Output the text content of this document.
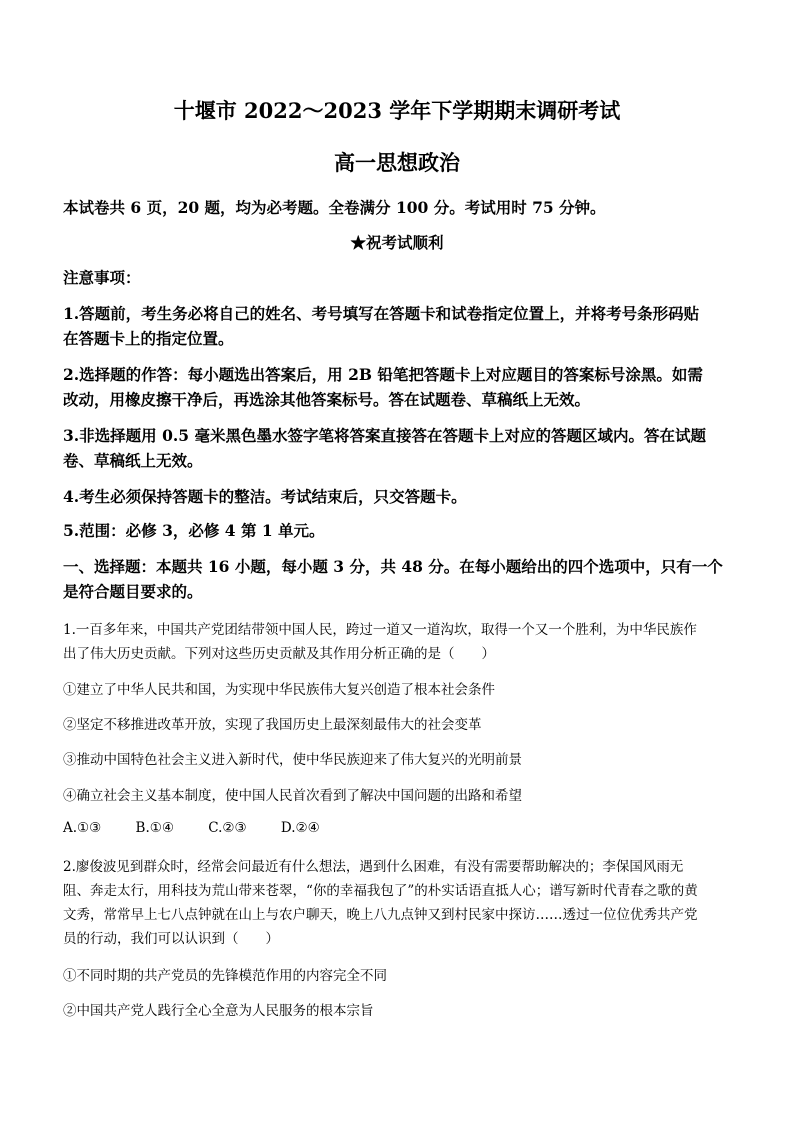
十堰市 2022～2023 学年下学期期末调研考试
高一思想政治
本试卷共 6 页，20 题，均为必考题。全卷满分 100 分。考试用时 75 分钟。
★祝考试顺利
注意事项：
1.答题前，考生务必将自己的姓名、考号填写在答题卡和试卷指定位置上，并将考号条形码贴
在答题卡上的指定位置。
2.选择题的作答：每小题选出答案后，用 2B 铅笔把答题卡上对应题目的答案标号涂黑。如需
改动，用橡皮擦干净后，再选涂其他答案标号。答在试题卷、草稿纸上无效。
3.非选择题用 0.5 毫米黑色墨水签字笔将答案直接答在答题卡上对应的答题区域内。答在试题
卷、草稿纸上无效。
4.考生必须保持答题卡的整洁。考试结束后，只交答题卡。
5.范围：必修 3，必修 4 第 1 单元。
一、选择题：本题共 16 小题，每小题 3 分，共 48 分。在每小题给出的四个选项中，只有一个
是符合题目要求的。
1.一百多年来，中国共产党团结带领中国人民，跨过一道又一道沟坎，取得一个又一个胜利，为中华民族作
出了伟大历史贡献。下列对这些历史贡献及其作用分析正确的是（　　）
①建立了中华人民共和国，为实现中华民族伟大复兴创造了根本社会条件
②坚定不移推进改革开放，实现了我国历史上最深刻最伟大的社会变革
③推动中国特色社会主义进入新时代，使中华民族迎来了伟大复兴的光明前景
④确立社会主义基本制度，使中国人民首次看到了解决中国问题的出路和希望
A.①③	B.①④	C.②③	D.②④
2.廖俊波见到群众时，经常会问最近有什么想法，遇到什么困难，有没有需要帮助解决的；李保国风雨无
阻、奔走太行，用科技为荒山带来苍翠，“你的幸福我包了”的朴实话语直抵人心；谱写新时代青春之歌的黄
文秀，常常早上七八点钟就在山上与农户聊天，晚上八九点钟又到村民家中探访……透过一位位优秀共产党
员的行动，我们可以认识到（　　）
①不同时期的共产党员的先锋模范作用的内容完全不同
②中国共产党人践行全心全意为人民服务的根本宗旨
